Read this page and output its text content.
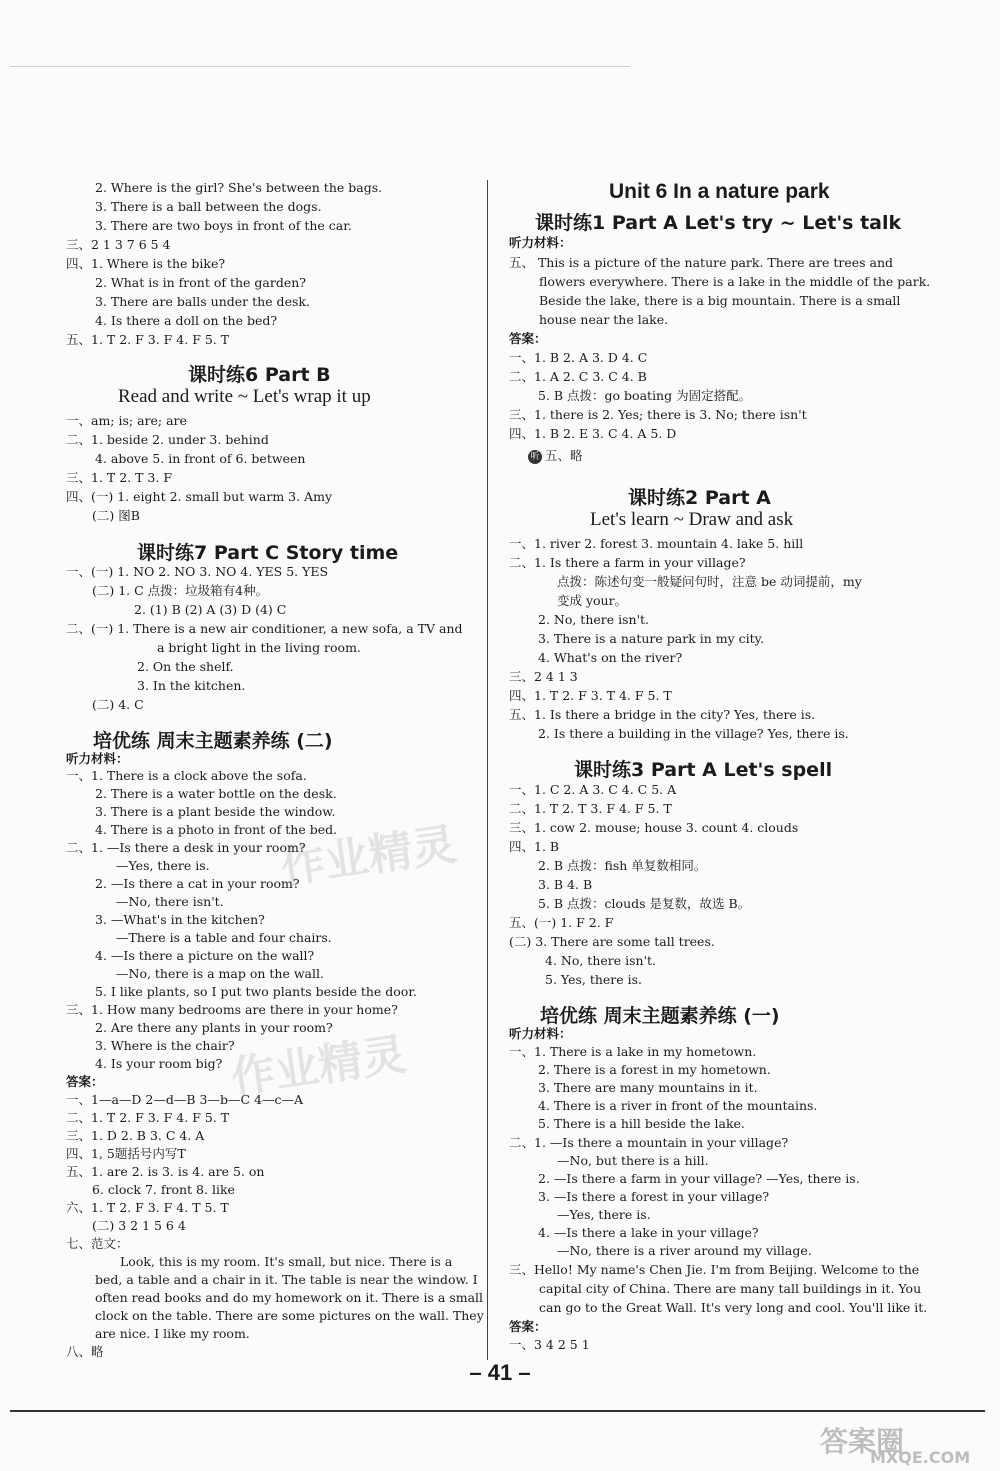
作业精灵
作业精灵
– 41 –
答案圈
MXQE.COM
2. Where is the girl? She's between the bags.
3. There is a ball between the dogs.
3. There are two boys in front of the car.
三、2 1 3 7 6 5 4
四、1. Where is the bike?
2. What is in front of the garden?
3. There are balls under the desk.
4. Is there a doll on the bed?
五、1. T 2. F 3. F 4. F 5. T
一、am; is; are; are
二、1. beside 2. under 3. behind
4. above 5. in front of 6. between
三、1. T 2. T 3. F
四、(一) 1. eight 2. small but warm 3. Amy
(二) 图B
一、(一) 1. NO 2. NO 3. NO 4. YES 5. YES
(二) 1. C 点拨：垃圾箱有4种。
2. (1) B (2) A (3) D (4) C
二、(一) 1. There is a new air conditioner, a new sofa, a TV and
a bright light in the living room.
2. On the shelf.
3. In the kitchen.
(二) 4. C
听力材料：
一、1. There is a clock above the sofa.
2. There is a water bottle on the desk.
3. There is a plant beside the window.
4. There is a photo in front of the bed.
二、1. —Is there a desk in your room?
—Yes, there is.
2. —Is there a cat in your room?
—No, there isn't.
3. —What's in the kitchen?
—There is a table and four chairs.
4. —Is there a picture on the wall?
—No, there is a map on the wall.
5. I like plants, so I put two plants beside the door.
三、1. How many bedrooms are there in your home?
2. Are there any plants in your room?
3. Where is the chair?
4. Is your room big?
答案：
一、1—a—D 2—d—B 3—b—C 4—c—A
二、1. T 2. F 3. F 4. F 5. T
三、1. D 2. B 3. C 4. A
四、1, 5题括号内写T
五、1. are 2. is 3. is 4. are 5. on
6. clock 7. front 8. like
六、1. T 2. F 3. F 4. T 5. T
(二) 3 2 1 5 6 4
七、范文：
Look, this is my room. It's small, but nice. There is a
bed, a table and a chair in it. The table is near the window. I
often read books and do my homework on it. There is a small
clock on the table. There are some pictures on the wall. They
are nice. I like my room.
八、略
课时练6 Part B
Read and write ~ Let's wrap it up
课时练7 Part C Story time
培优练 周末主题素养练 (二)
听力材料：
五、 This is a picture of the nature park. There are trees and
flowers everywhere. There is a lake in the middle of the park.
Beside the lake, there is a big mountain. There is a small
house near the lake.
答案：
一、1. B 2. A 3. D 4. C
二、1. A 2. C 3. C 4. B
5. B 点拨：go boating 为固定搭配。
三、1. there is 2. Yes; there is 3. No; there isn't
四、1. B 2. E 3. C 4. A 5. D
听 五、略
一、1. river 2. forest 3. mountain 4. lake 5. hill
二、1. Is there a farm in your village?
点拨：陈述句变一般疑问句时，注意 be 动词提前，my
变成 your。
2. No, there isn't.
3. There is a nature park in my city.
4. What's on the river?
三、2 4 1 3
四、1. T 2. F 3. T 4. F 5. T
五、1. Is there a bridge in the city? Yes, there is.
2. Is there a building in the village? Yes, there is.
一、1. C 2. A 3. C 4. C 5. A
二、1. T 2. T 3. F 4. F 5. T
三、1. cow 2. mouse; house 3. count 4. clouds
四、1. B
2. B 点拨：fish 单复数相同。
3. B 4. B
5. B 点拨：clouds 是复数，故选 B。
五、(一) 1. F 2. F
(二) 3. There are some tall trees.
4. No, there isn't.
5. Yes, there is.
听力材料：
一、1. There is a lake in my hometown.
2. There is a forest in my hometown.
3. There are many mountains in it.
4. There is a river in front of the mountains.
5. There is a hill beside the lake.
二、1. —Is there a mountain in your village?
—No, but there is a hill.
2. —Is there a farm in your village? —Yes, there is.
3. —Is there a forest in your village?
—Yes, there is.
4. —Is there a lake in your village?
—No, there is a river around my village.
三、Hello! My name's Chen Jie. I'm from Beijing. Welcome to the
capital city of China. There are many tall buildings in it. You
can go to the Great Wall. It's very long and cool. You'll like it.
答案：
一、3 4 2 5 1
Unit 6 In a nature park
课时练1 Part A Let's try ~ Let's talk
课时练2 Part A
Let's learn ~ Draw and ask
课时练3 Part A Let's spell
培优练 周末主题素养练 (一)
